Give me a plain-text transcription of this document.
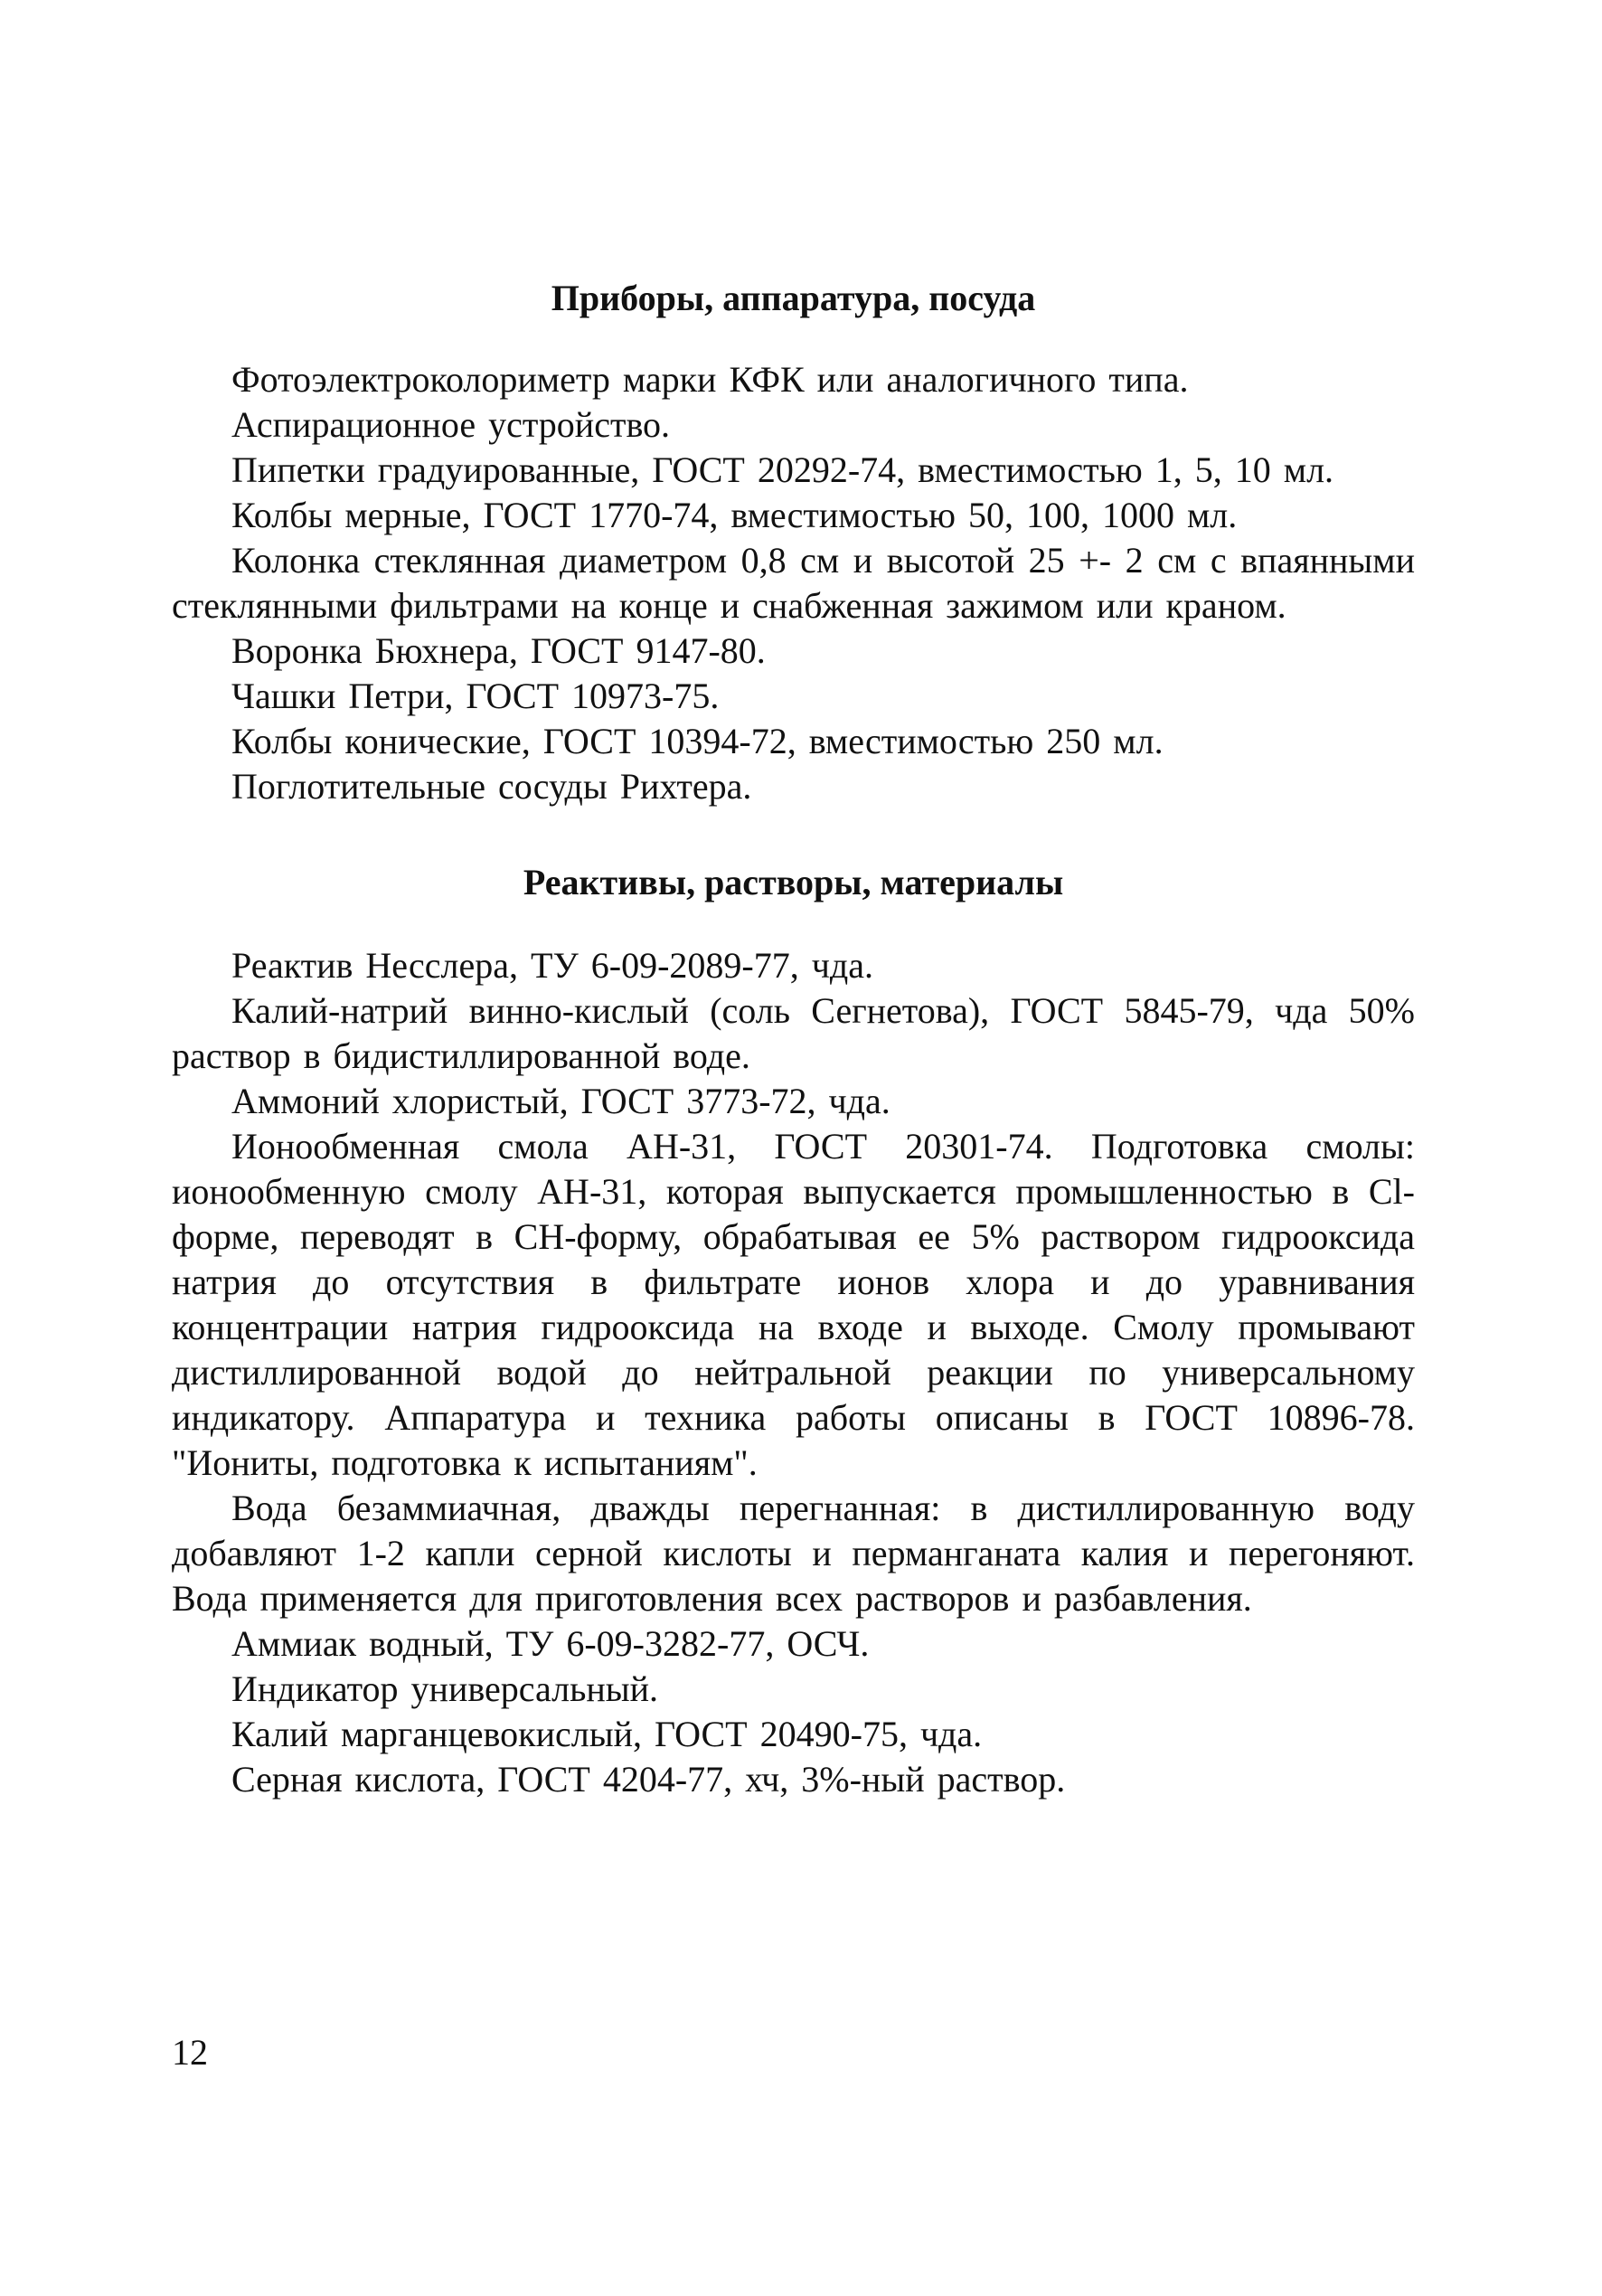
Приборы, аппаратура, посуда

Фотоэлектроколориметр марки КФК или аналогичного типа.

Аспирационное устройство.

Пипетки градуированные, ГОСТ 20292-74, вместимостью 1, 5, 10 мл.

Колбы мерные, ГОСТ 1770-74, вместимостью 50, 100, 1000 мл.

Колонка стеклянная диаметром 0,8 см и высотой 25 +- 2 см с впаянными стеклянными фильтрами на конце и снабженная зажимом или краном.

Воронка Бюхнера, ГОСТ 9147-80.

Чашки Петри, ГОСТ 10973-75.

Колбы конические, ГОСТ 10394-72, вместимостью 250 мл.

Поглотительные сосуды Рихтера.

Реактивы, растворы, материалы

Реактив Несслера, ТУ 6-09-2089-77, чда.

Калий-натрий винно-кислый (соль Сегнетова), ГОСТ 5845-79, чда 50% раствор в бидистиллированной воде.

Аммоний хлористый, ГОСТ 3773-72, чда.

Ионообменная смола АН-31, ГОСТ 20301-74. Подготовка смолы: ионообменную смолу АН-31, которая выпускается промышленностью в Cl-форме, переводят в СН-форму, обрабатывая ее 5% раствором гидрооксида натрия до отсутствия в фильтрате ионов хлора и до уравнивания концентрации натрия гидрооксида на входе и выходе. Смолу промывают дистиллированной водой до нейтральной реакции по универсальному индикатору. Аппаратура и техника работы описаны в ГОСТ 10896-78. "Иониты, подготовка к испытаниям".

Вода безаммиачная, дважды перегнанная: в дистиллированную воду добавляют 1-2 капли серной кислоты и перманганата калия и перегоняют. Вода применяется для приготовления всех растворов и разбавления.

Аммиак водный, ТУ 6-09-3282-77, ОСЧ.

Индикатор универсальный.

Калий марганцевокислый, ГОСТ 20490-75, чда.

Серная кислота, ГОСТ 4204-77, хч, 3%-ный раствор.

12
